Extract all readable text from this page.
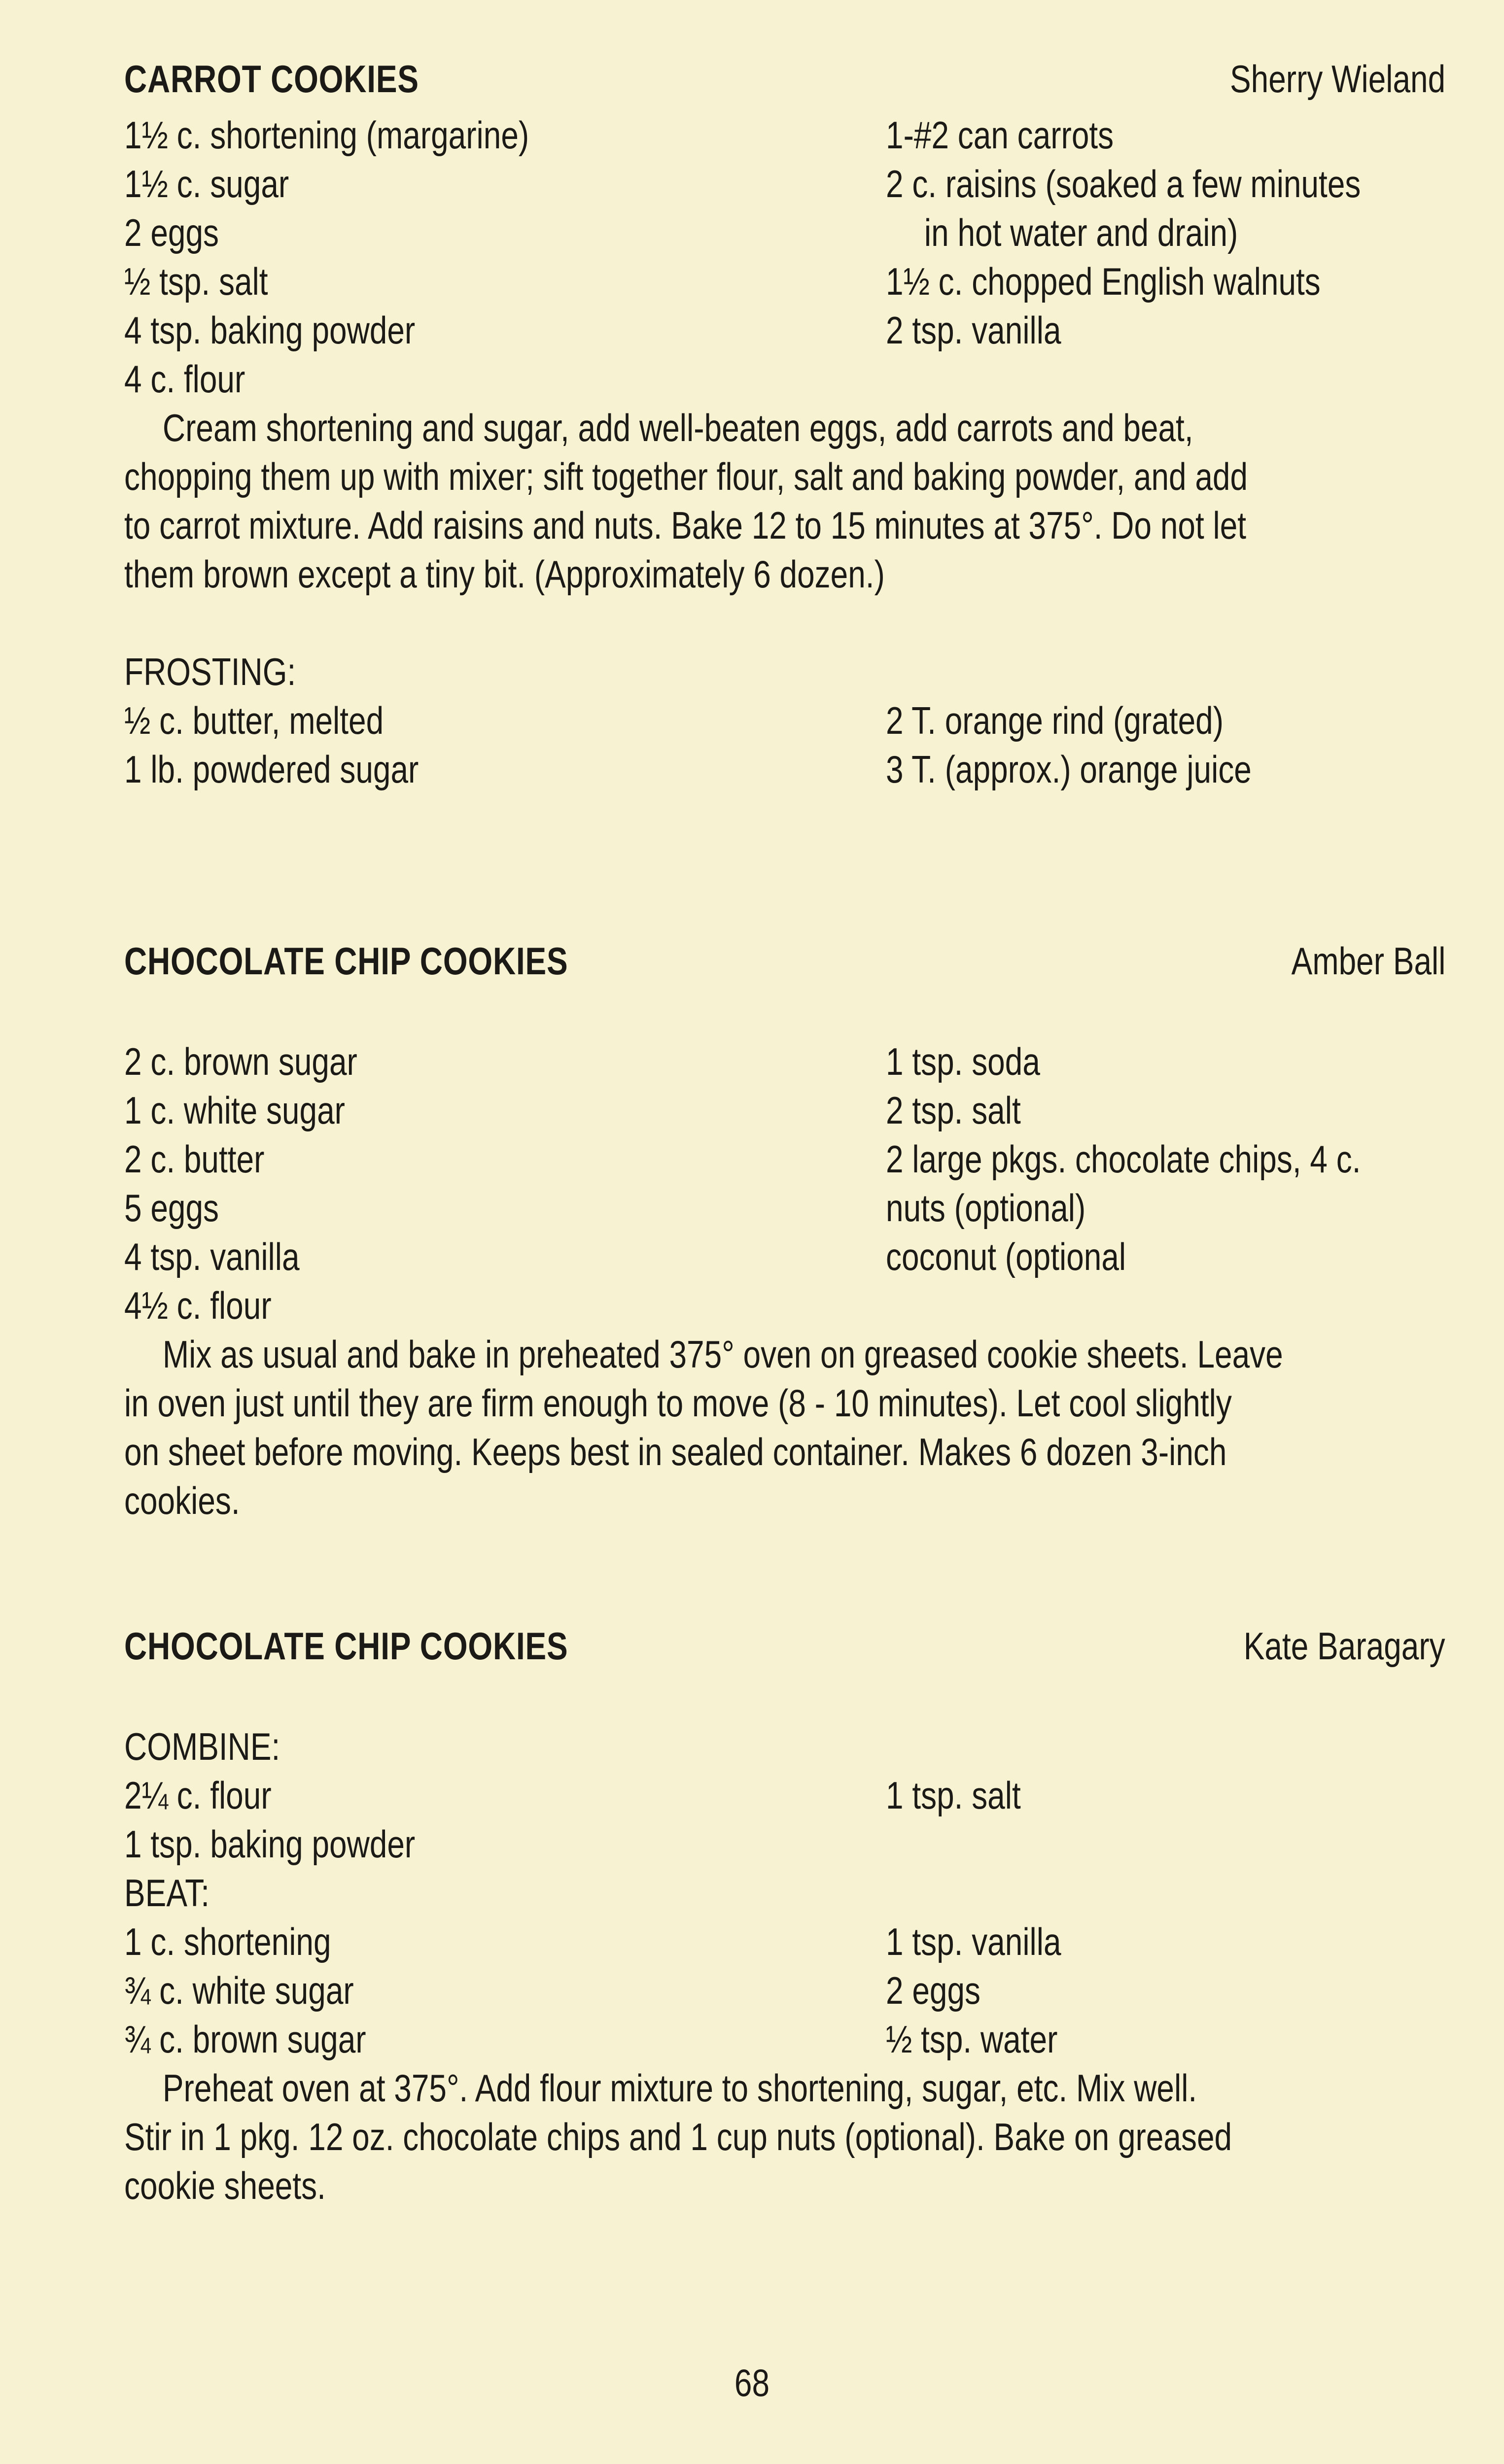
CARROT COOKIES	Sherry Wieland
1½ c. shortening (margarine)
1½ c. sugar
2 eggs
½ tsp. salt
4 tsp. baking powder
1-#2 can carrots
2 c. raisins (soaked a few minutes
in hot water and drain)
1½ c. chopped English walnuts
2 tsp. vanilla
4 c. flour
Cream shortening and sugar, add well-beaten eggs, add carrots and beat,
chopping them up with mixer; sift together flour, salt and baking powder, and add
to carrot mixture. Add raisins and nuts. Bake 12 to 15 minutes at 375°. Do not let
them brown except a tiny bit. (Approximately 6 dozen.)
FROSTING:
½ c. butter, melted
1 lb. powdered sugar
2 T. orange rind (grated)
3 T. (approx.) orange juice
CHOCOLATE CHIP COOKIES	Amber Ball
2 c. brown sugar
1 c. white sugar
2 c. butter
5 eggs
4 tsp. vanilla
1 tsp. soda
2 tsp. salt
2 large pkgs. chocolate chips, 4 c.
nuts (optional)
coconut (optional
4½ c. flour
Mix as usual and bake in preheated 375° oven on greased cookie sheets. Leave
in oven just until they are firm enough to move (8 - 10 minutes). Let cool slightly
on sheet before moving. Keeps best in sealed container. Makes 6 dozen 3-inch
cookies.
CHOCOLATE CHIP COOKIES	Kate Baragary
COMBINE:
2¼ c. flour
1 tsp. baking powder
1 tsp. salt
BEAT:
1 c. shortening
¾ c. white sugar
¾ c. brown sugar
1 tsp. vanilla
2 eggs
½ tsp. water
Preheat oven at 375°. Add flour mixture to shortening, sugar, etc. Mix well.
Stir in 1 pkg. 12 oz. chocolate chips and 1 cup nuts (optional). Bake on greased
cookie sheets.
68
